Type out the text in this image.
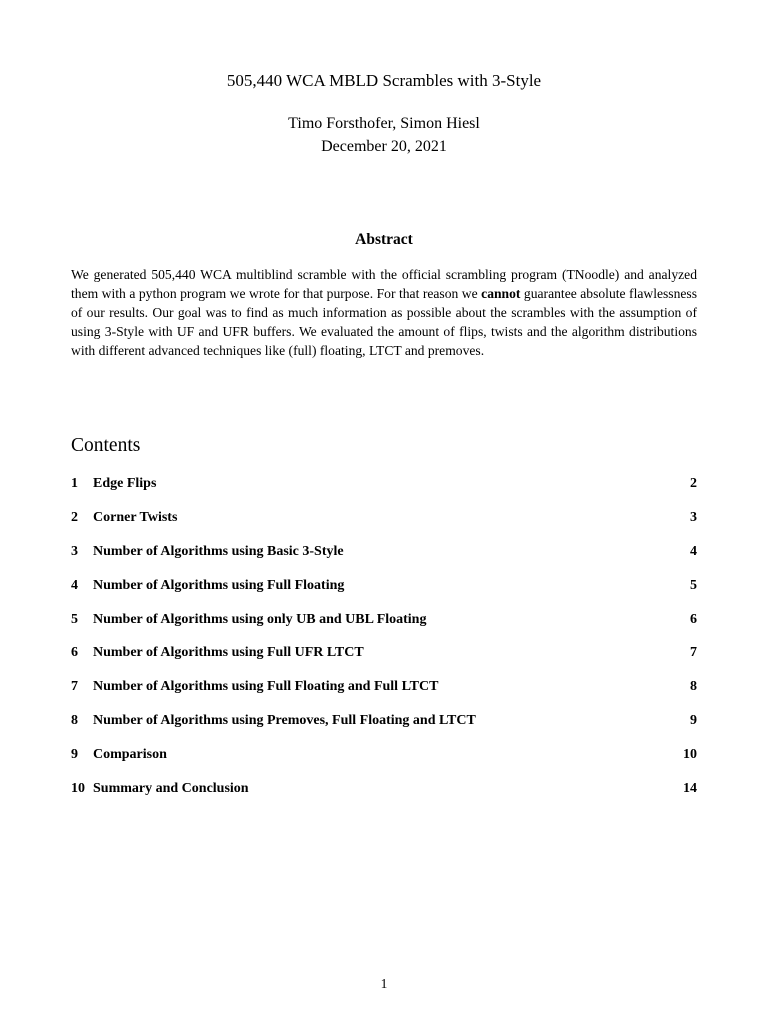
505,440 WCA MBLD Scrambles with 3-Style
Timo Forsthofer, Simon Hiesl
December 20, 2021
Abstract
We generated 505,440 WCA multiblind scramble with the official scrambling program (TNoodle) and analyzed them with a python program we wrote for that purpose. For that reason we cannot guarantee absolute flawlessness of our results. Our goal was to find as much information as possible about the scrambles with the assumption of using 3-Style with UF and UFR buffers. We evaluated the amount of flips, twists and the algorithm distributions with different advanced techniques like (full) floating, LTCT and premoves.
Contents
1 Edge Flips	2
2 Corner Twists	3
3 Number of Algorithms using Basic 3-Style	4
4 Number of Algorithms using Full Floating	5
5 Number of Algorithms using only UB and UBL Floating	6
6 Number of Algorithms using Full UFR LTCT	7
7 Number of Algorithms using Full Floating and Full LTCT	8
8 Number of Algorithms using Premoves, Full Floating and LTCT	9
9 Comparison	10
10 Summary and Conclusion	14
1
